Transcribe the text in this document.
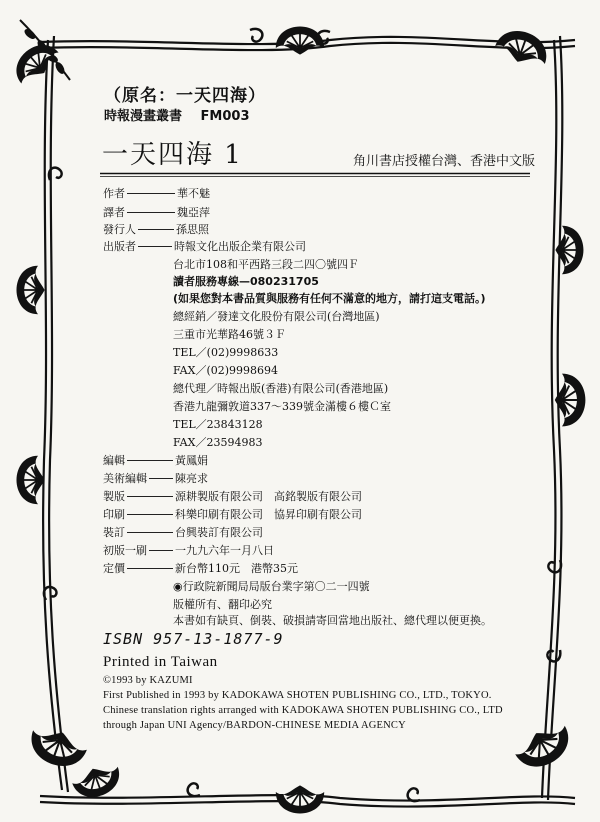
（原名：一天四海）
時報漫畫叢書 FM003
一天四海 1	角川書店授權台灣、香港中文版
作者	華不魅
譯者	魏亞萍
發行人	孫思照
出版者	時報文化出版企業有限公司
台北市108和平西路三段二四〇號四Ｆ
讀者服務專線—080231705
(如果您對本書品質與服務有任何不滿意的地方，請打這支電話。)
總經銷／發達文化股份有限公司(台灣地區)
三重市光華路46號３Ｆ
TEL／(02)9998633
FAX／(02)9998694
總代理／時報出版(香港)有限公司(香港地區)
香港九龍彌敦道337～339號金滿樓６樓Ｃ室
TEL／23843128
FAX／23594983
編輯	黃鳳娟
美術編輯	陳亮求
製版	源耕製版有限公司　高銘製版有限公司
印刷	科樂印刷有限公司　協昇印刷有限公司
裝訂	台興裝訂有限公司
初版一刷	一九九六年一月八日
定價	新台幣110元　港幣35元
◉行政院新聞局局版台業字第〇二一四號
版權所有、翻印必究
本書如有缺頁、倒裝、破損請寄回當地出版社、總代理以便更換。
ISBN 957-13-1877-9
Printed in Taiwan
©1993 by KAZUMI
First Published in 1993 by KADOKAWA SHOTEN PUBLISHING CO., LTD., TOKYO.
Chinese translation rights arranged with KADOKAWA SHOTEN PUBLISHING CO., LTD
through Japan UNI Agency/BARDON-CHINESE MEDIA AGENCY
